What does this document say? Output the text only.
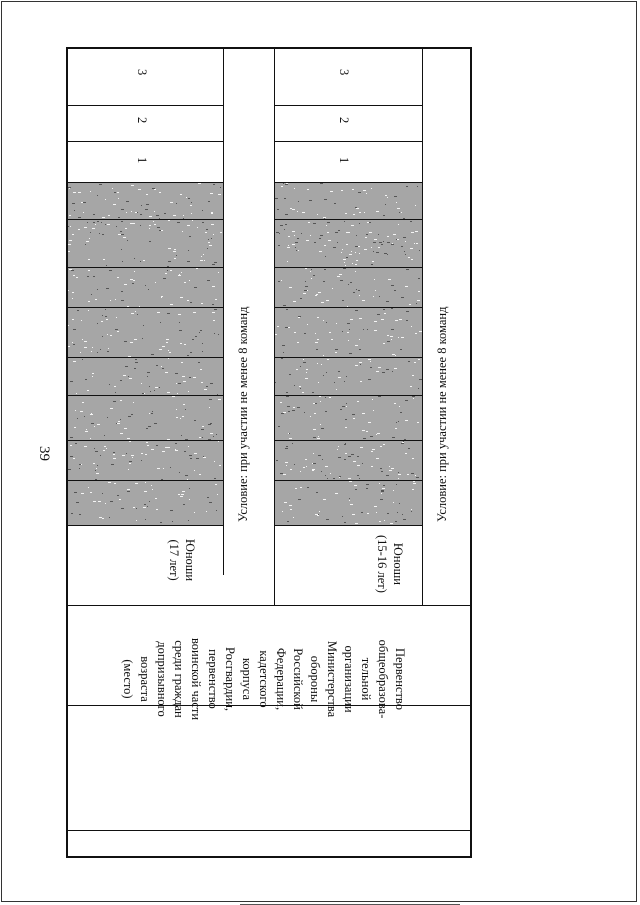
39
3
2
1
3
2
1
Условие: при участии не менее 8 команд	Условие: при участии не менее 8 команд
Юноши
(17 лет)	Юноши
(15-16 лет)
Первенство
общеобразова-
тельной
организации
Министерства
обороны
Российской
Федерации,
кадетского
корпуса
Росгвардии,
первенство
воинской части
среди граждан
допризывного
возраста
(место)
